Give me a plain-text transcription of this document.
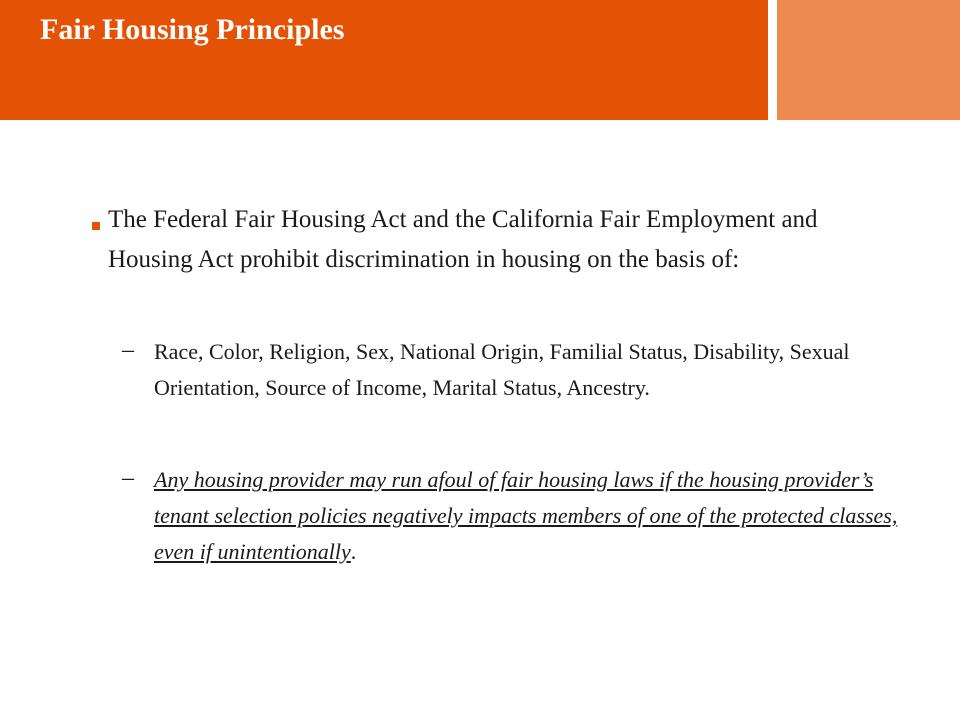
Fair Housing Principles
The Federal Fair Housing Act and the California Fair Employment and Housing Act prohibit discrimination in housing on the basis of:
– Race, Color, Religion, Sex, National Origin, Familial Status, Disability, Sexual Orientation, Source of Income, Marital Status, Ancestry.
– Any housing provider may run afoul of fair housing laws if the housing provider’s tenant selection policies negatively impacts members of one of the protected classes, even if unintentionally.
